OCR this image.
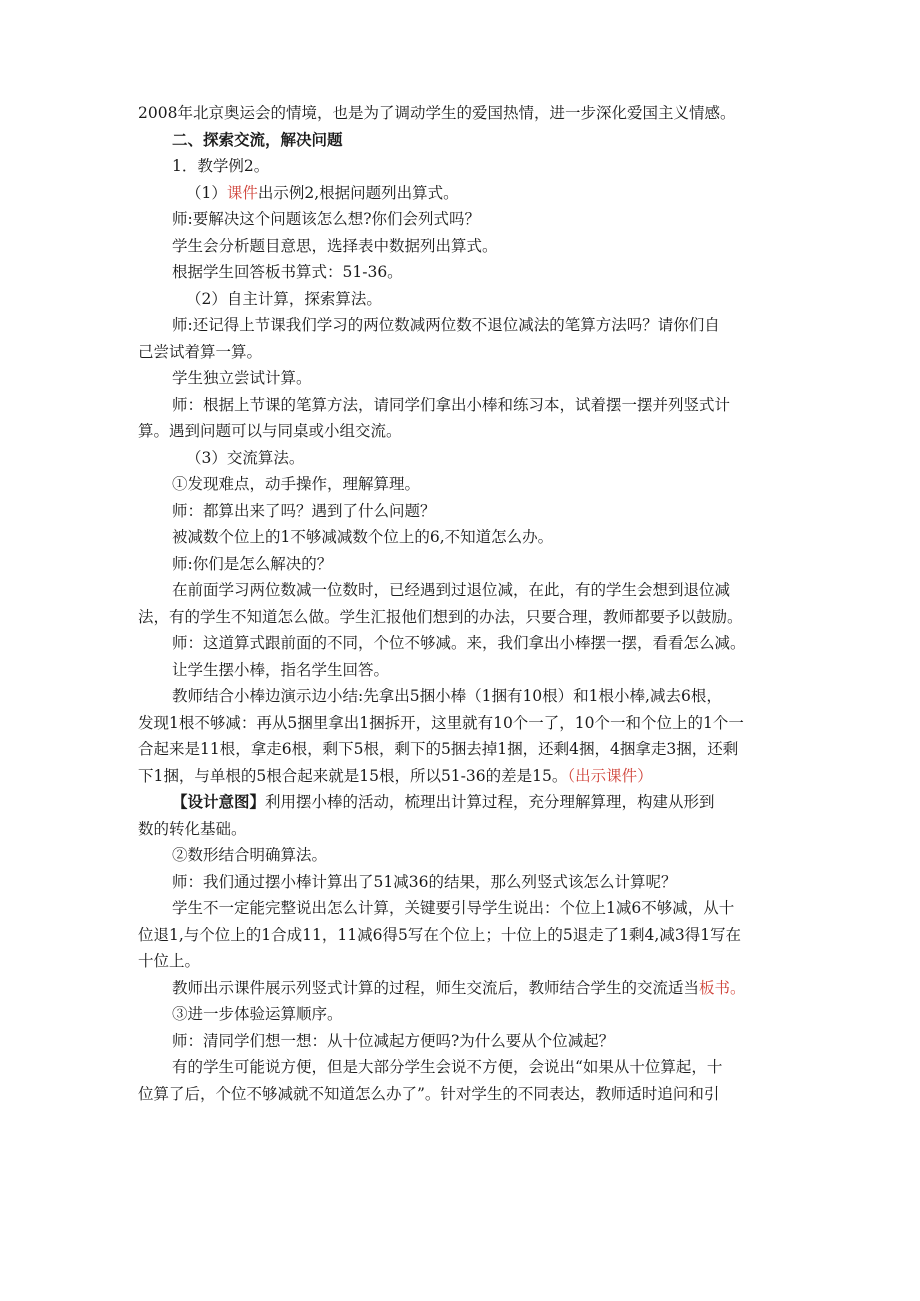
2008年北京奥运会的情境，也是为了调动学生的爱国热情，进一步深化爱国主义情感。
二、探索交流，解决问题
1．教学例2。
（1）课件出示例2,根据问题列出算式。
师:要解决这个问题该怎么想?你们会列式吗？
学生会分析题目意思，选择表中数据列出算式。
根据学生回答板书算式：51-36。
（2）自主计算，探索算法。
师:还记得上节课我们学习的两位数减两位数不退位减法的笔算方法吗？请你们自
己尝试着算一算。
学生独立尝试计算。
师：根据上节课的笔算方法，请同学们拿出小棒和练习本，试着摆一摆并列竖式计
算。遇到问题可以与同桌或小组交流。
（3）交流算法。
①发现难点，动手操作，理解算理。
师：都算出来了吗？遇到了什么问题？
被减数个位上的1不够减减数个位上的6,不知道怎么办。
师:你们是怎么解决的？
在前面学习两位数减一位数时，已经遇到过退位减，在此，有的学生会想到退位减
法，有的学生不知道怎么做。学生汇报他们想到的办法，只要合理，教师都要予以鼓励。
师：这道算式跟前面的不同，个位不够减。来，我们拿出小棒摆一摆，看看怎么减。
让学生摆小棒，指名学生回答。
教师结合小棒边演示边小结:先拿出5捆小棒（1捆有10根）和1根小棒,减去6根，
发现1根不够减：再从5捆里拿出1捆拆开，这里就有10个一了，10个一和个位上的1个一
合起来是11根，拿走6根，剩下5根，剩下的5捆去掉1捆，还剩4捆，4捆拿走3捆，还剩
下1捆，与单根的5根合起来就是15根，所以51-36的差是15。（出示课件）
【设计意图】利用摆小棒的活动，梳理出计算过程，充分理解算理，构建从形到
数的转化基础。
②数形结合明确算法。
师：我们通过摆小棒计算出了51减36的结果，那么列竖式该怎么计算呢？
学生不一定能完整说出怎么计算，关键要引导学生说出：个位上1减6不够减，从十
位退1,与个位上的1合成11，11减6得5写在个位上；十位上的5退走了1剩4,减3得1写在
十位上。
教师出示课件展示列竖式计算的过程，师生交流后，教师结合学生的交流适当板书。
③进一步体验运算顺序。
师：清同学们想一想：从十位减起方便吗?为什么要从个位减起？
有的学生可能说方便，但是大部分学生会说不方便，会说出“如果从十位算起，十
位算了后，个位不够减就不知道怎么办了”。针对学生的不同表达，教师适时追问和引
